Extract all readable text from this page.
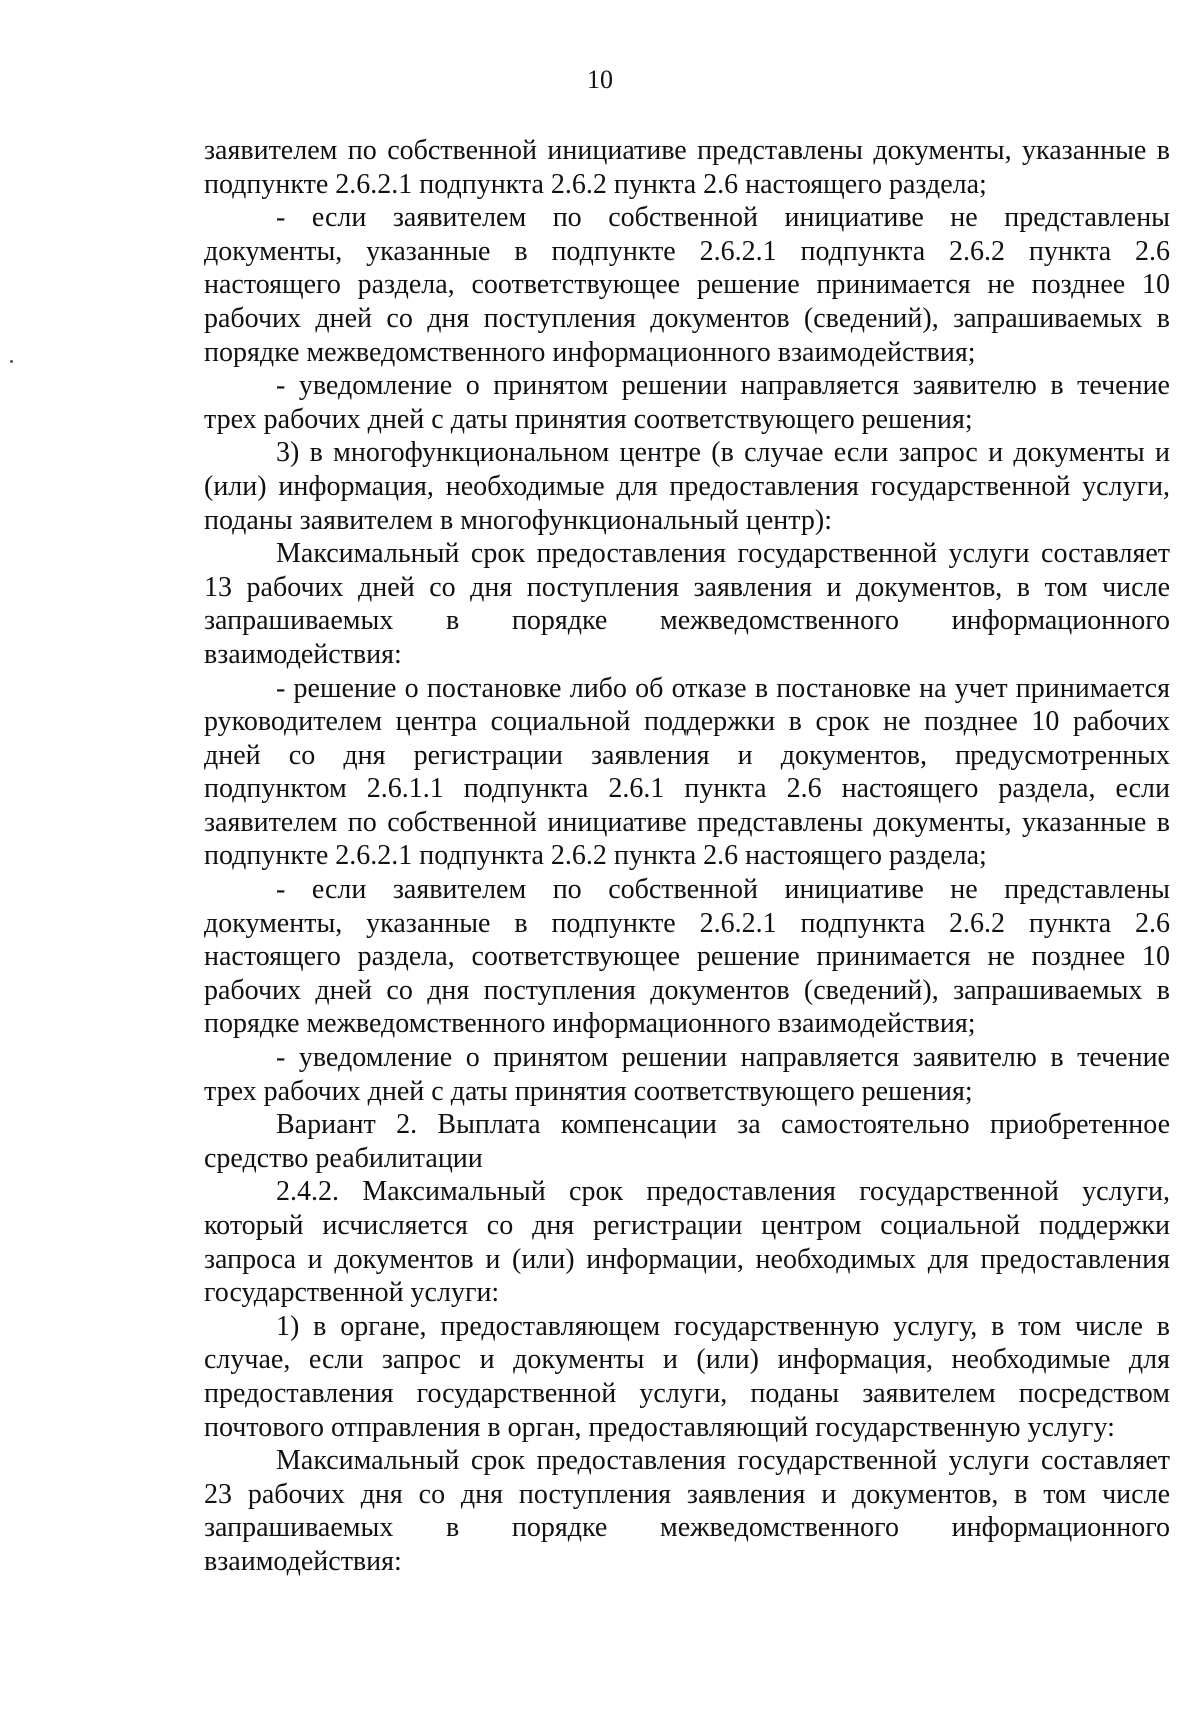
10

заявителем по собственной инициативе представлены документы, указанные в подпункте 2.6.2.1 подпункта 2.6.2 пункта 2.6 настоящего раздела;

- если заявителем по собственной инициативе не представлены документы, указанные в подпункте 2.6.2.1 подпункта 2.6.2 пункта 2.6 настоящего раздела, соответствующее решение принимается не позднее 10 рабочих дней со дня поступления документов (сведений), запрашиваемых в порядке межведомственного информационного взаимодействия;

- уведомление о принятом решении направляется заявителю в течение трех рабочих дней с даты принятия соответствующего решения;

3) в многофункциональном центре (в случае если запрос и документы и (или) информация, необходимые для предоставления государственной услуги, поданы заявителем в многофункциональный центр):

Максимальный срок предоставления государственной услуги составляет 13 рабочих дней со дня поступления заявления и документов, в том числе запрашиваемых в порядке межведомственного информационного взаимодействия:

- решение о постановке либо об отказе в постановке на учет принимается руководителем центра социальной поддержки в срок не позднее 10 рабочих дней со дня регистрации заявления и документов, предусмотренных подпунктом 2.6.1.1 подпункта 2.6.1 пункта 2.6 настоящего раздела, если заявителем по собственной инициативе представлены документы, указанные в подпункте 2.6.2.1 подпункта 2.6.2 пункта 2.6 настоящего раздела;

- если заявителем по собственной инициативе не представлены документы, указанные в подпункте 2.6.2.1 подпункта 2.6.2 пункта 2.6 настоящего раздела, соответствующее решение принимается не позднее 10 рабочих дней со дня поступления документов (сведений), запрашиваемых в порядке межведомственного информационного взаимодействия;

- уведомление о принятом решении направляется заявителю в течение трех рабочих дней с даты принятия соответствующего решения;

Вариант 2. Выплата компенсации за самостоятельно приобретенное средство реабилитации

2.4.2. Максимальный срок предоставления государственной услуги, который исчисляется со дня регистрации центром социальной поддержки запроса и документов и (или) информации, необходимых для предоставления государственной услуги:

1) в органе, предоставляющем государственную услугу, в том числе в случае, если запрос и документы и (или) информация, необходимые для предоставления государственной услуги, поданы заявителем посредством почтового отправления в орган, предоставляющий государственную услугу:

Максимальный срок предоставления государственной услуги составляет 23 рабочих дня со дня поступления заявления и документов, в том числе запрашиваемых в порядке межведомственного информационного взаимодействия:
